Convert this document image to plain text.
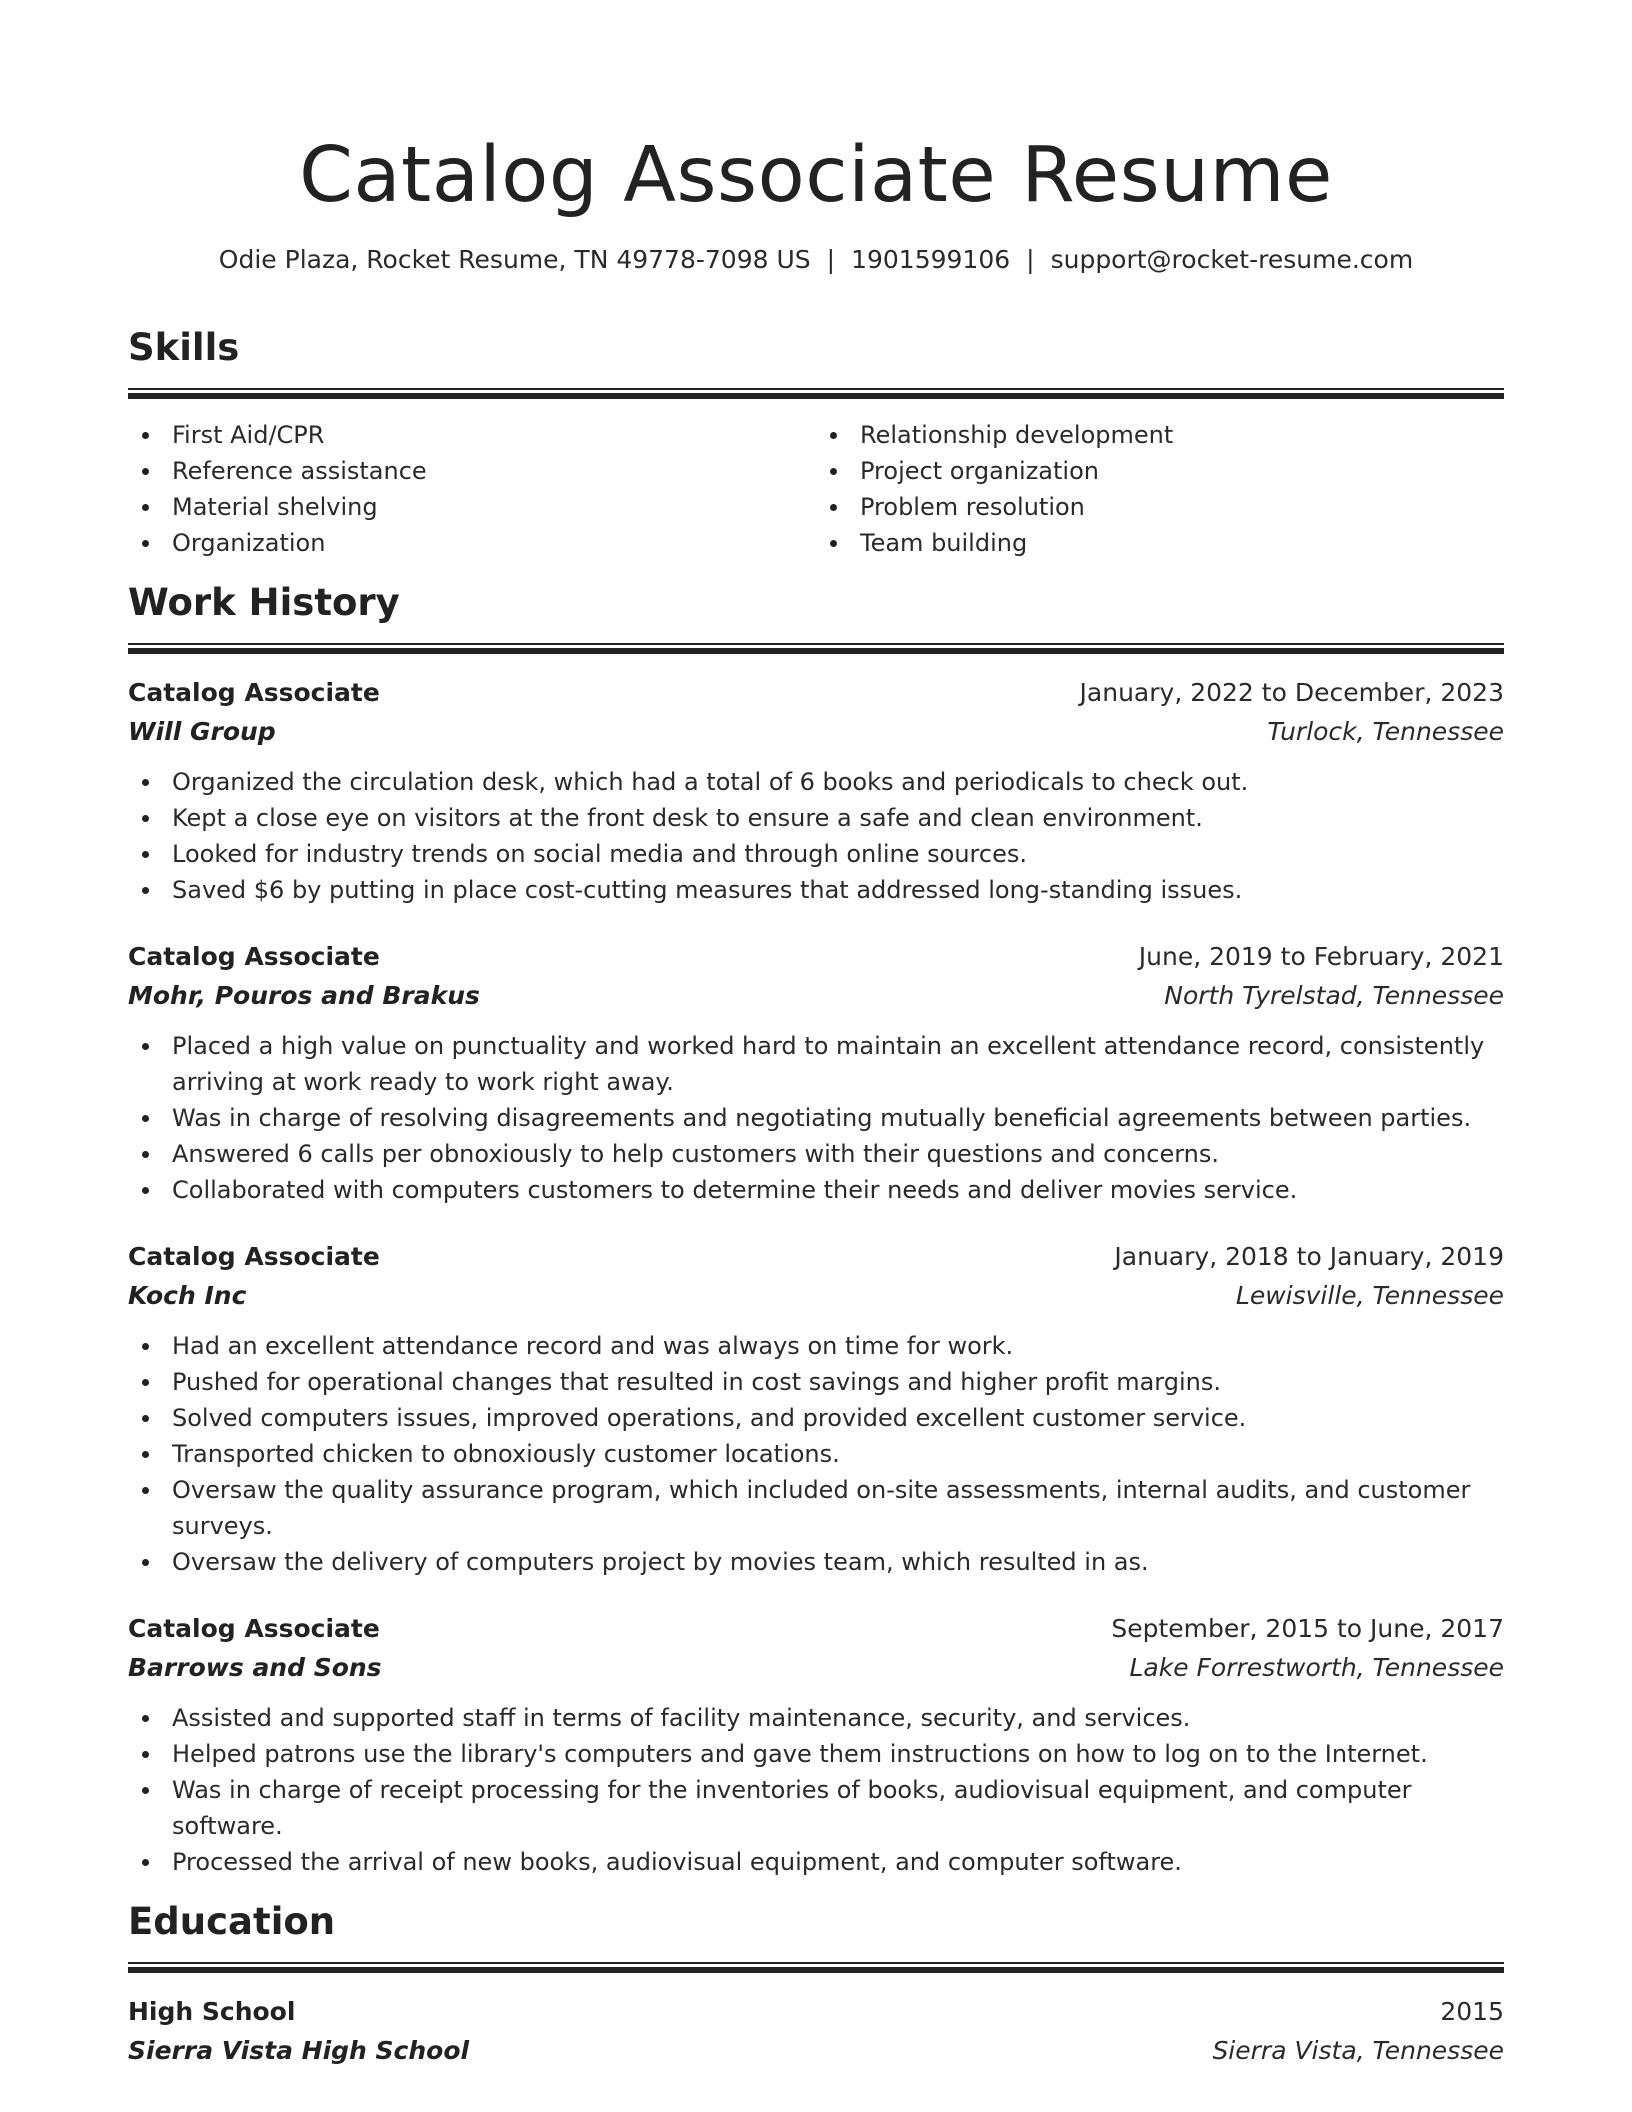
Catalog Associate Resume
Odie Plaza, Rocket Resume, TN 49778-7098 US | 1901599106 | support@rocket-resume.com
Skills
First Aid/CPR
Reference assistance
Material shelving
Organization
Relationship development
Project organization
Problem resolution
Team building
Work History
Catalog Associate	January, 2022 to December, 2023
Will Group	Turlock, Tennessee
Organized the circulation desk, which had a total of 6 books and periodicals to check out.
Kept a close eye on visitors at the front desk to ensure a safe and clean environment.
Looked for industry trends on social media and through online sources.
Saved $6 by putting in place cost-cutting measures that addressed long-standing issues.
Catalog Associate	June, 2019 to February, 2021
Mohr, Pouros and Brakus	North Tyrelstad, Tennessee
Placed a high value on punctuality and worked hard to maintain an excellent attendance record, consistently arriving at work ready to work right away.
Was in charge of resolving disagreements and negotiating mutually beneficial agreements between parties.
Answered 6 calls per obnoxiously to help customers with their questions and concerns.
Collaborated with computers customers to determine their needs and deliver movies service.
Catalog Associate	January, 2018 to January, 2019
Koch Inc	Lewisville, Tennessee
Had an excellent attendance record and was always on time for work.
Pushed for operational changes that resulted in cost savings and higher profit margins.
Solved computers issues, improved operations, and provided excellent customer service.
Transported chicken to obnoxiously customer locations.
Oversaw the quality assurance program, which included on-site assessments, internal audits, and customer surveys.
Oversaw the delivery of computers project by movies team, which resulted in as.
Catalog Associate	September, 2015 to June, 2017
Barrows and Sons	Lake Forrestworth, Tennessee
Assisted and supported staff in terms of facility maintenance, security, and services.
Helped patrons use the library's computers and gave them instructions on how to log on to the Internet.
Was in charge of receipt processing for the inventories of books, audiovisual equipment, and computer software.
Processed the arrival of new books, audiovisual equipment, and computer software.
Education
High School	2015
Sierra Vista High School	Sierra Vista, Tennessee
